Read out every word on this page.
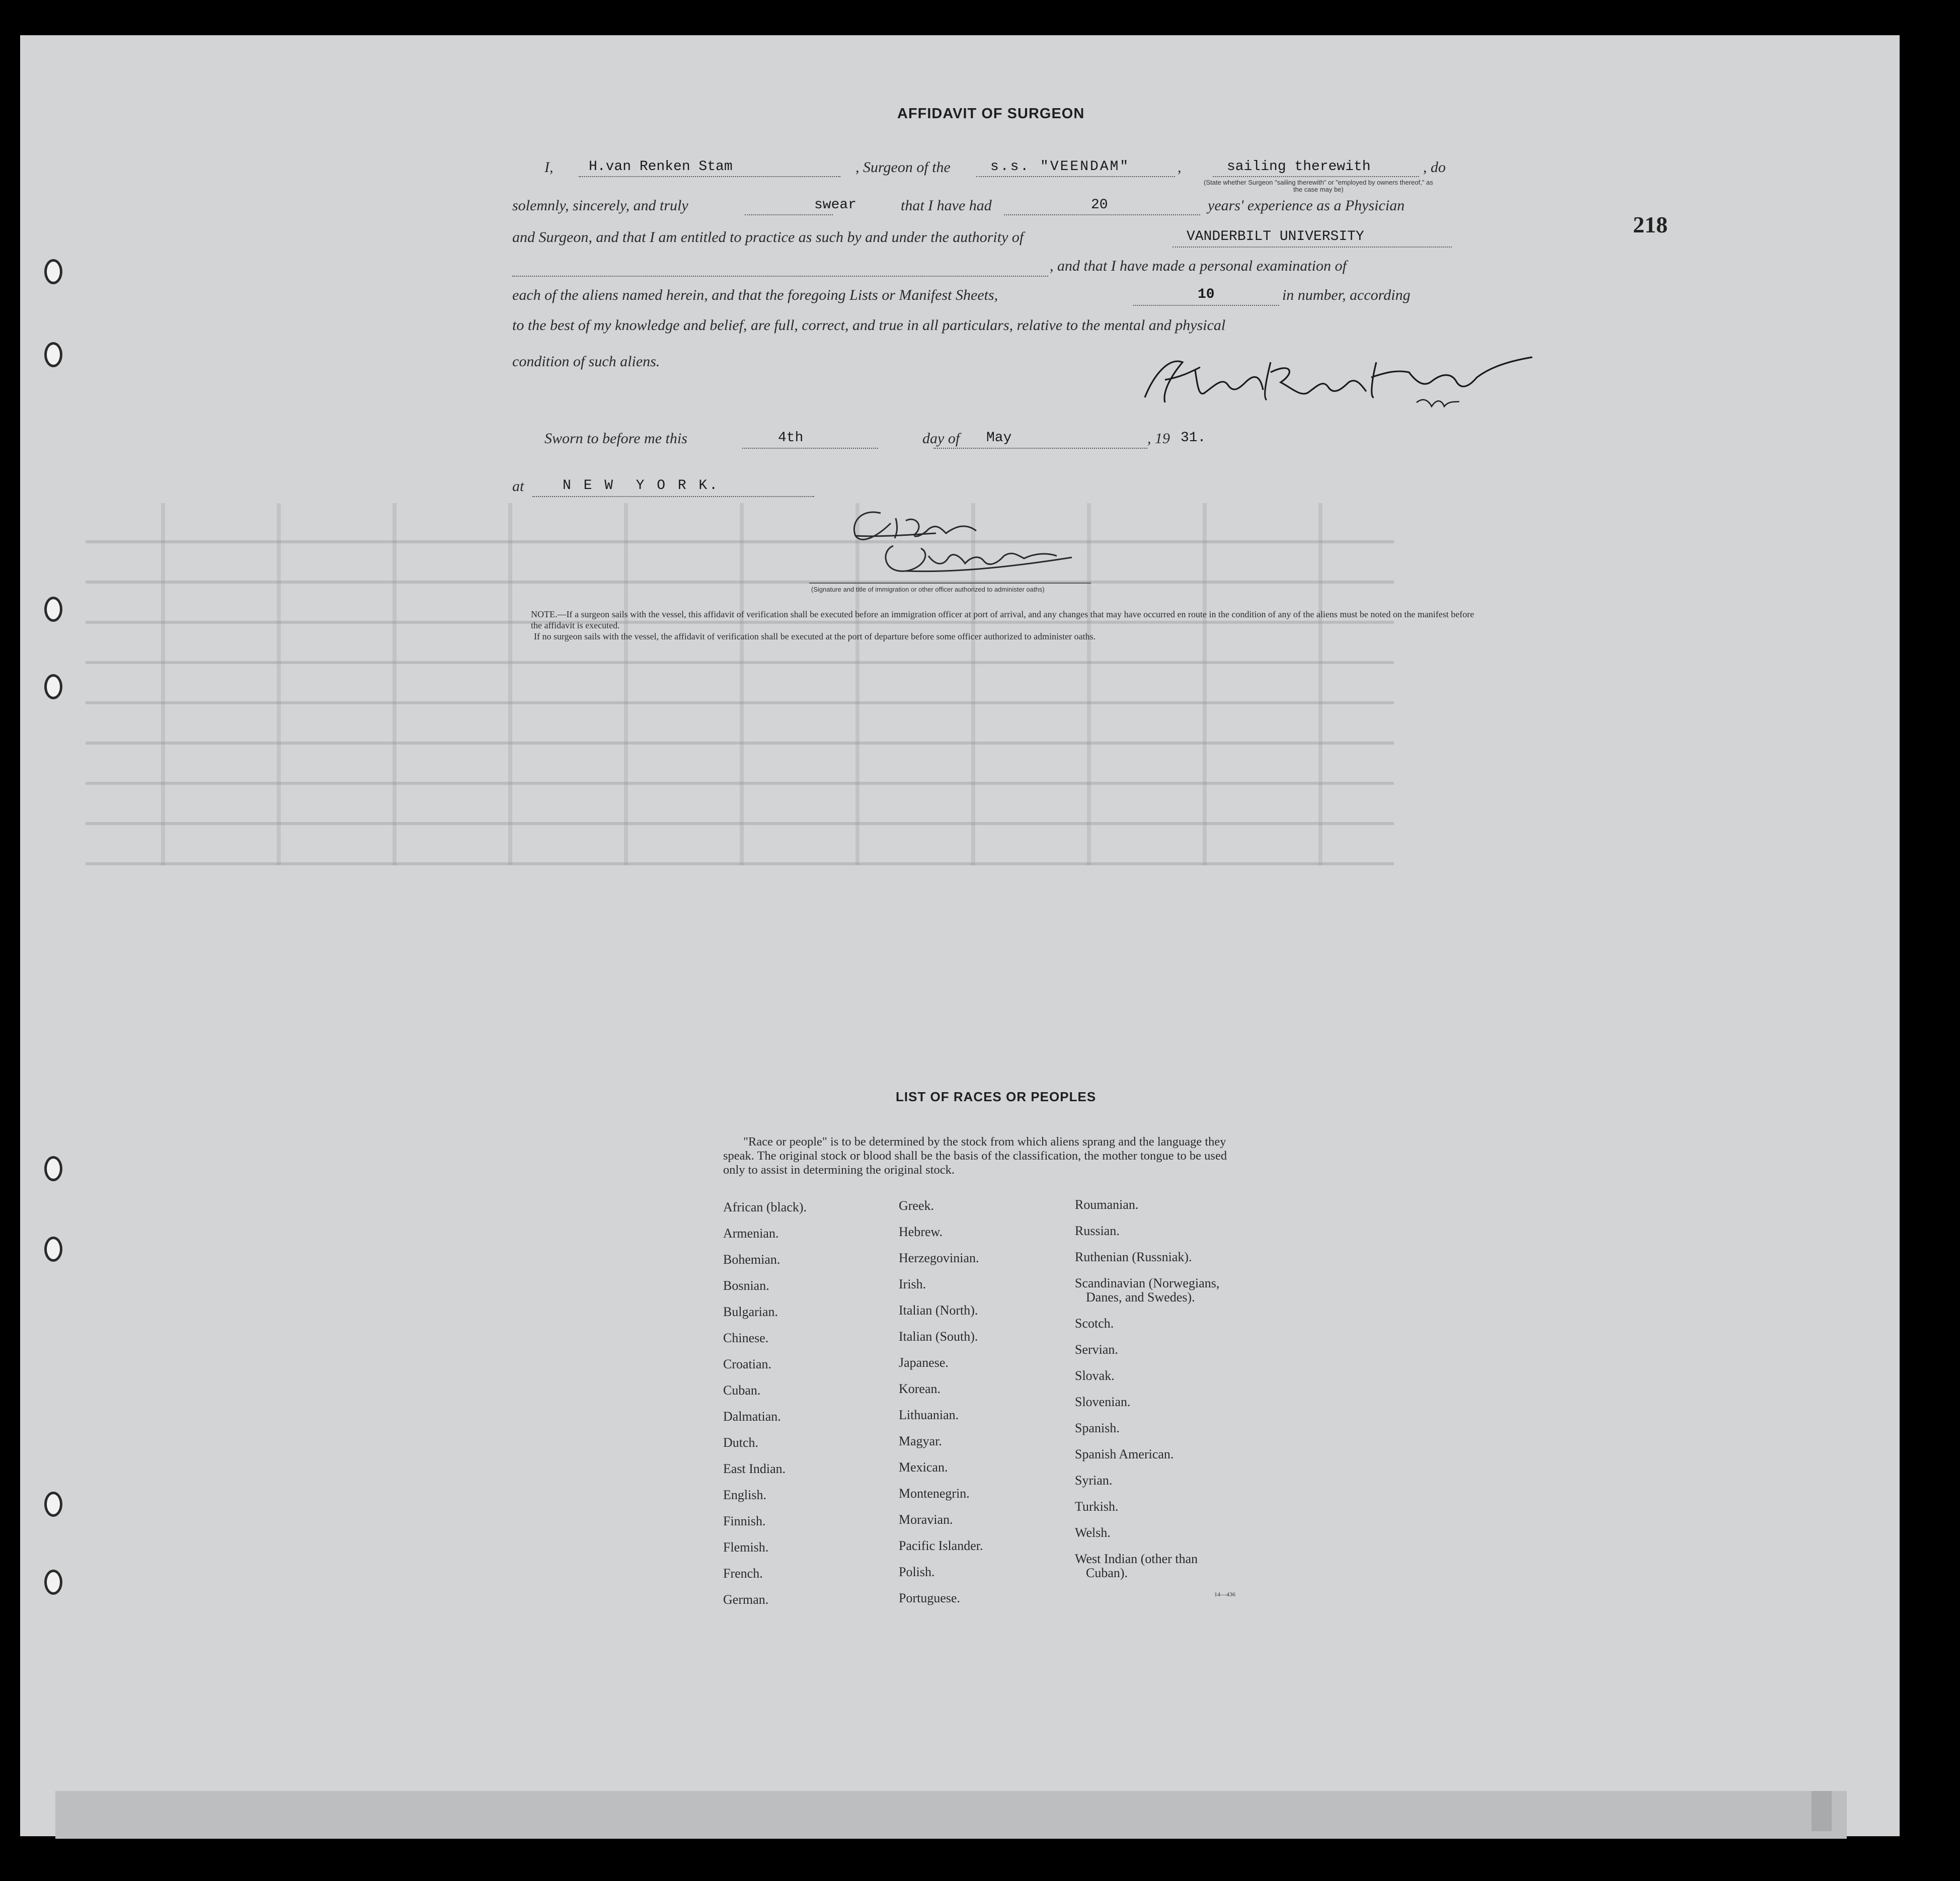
218
AFFIDAVIT OF SURGEON
I,	H.van Renken Stam	, Surgeon of the	s.s. "VEENDAM"	,	sailing therewith	, do
(State whether Surgeon "sailing therewith" or "employed by owners thereof," as the case may be)
solemnly, sincerely, and truly	swear	that I have had	20	years' experience as a Physician
and Surgeon, and that I am entitled to practice as such by and under the authority of	VANDERBILT UNIVERSITY
, and that I have made a personal examination of
each of the aliens named herein, and that the foregoing Lists or Manifest Sheets,	10	in number, according
to the best of my knowledge and belief, are full, correct, and true in all particulars, relative to the mental and physical
condition of such aliens.
Sworn to before me this	4th	day of May	, 19 31.
at	N E W  Y O R K.
(Signature and title of immigration or other officer authorized to administer oaths)

NOTE.—If a surgeon sails with the vessel, this affidavit of verification shall be executed before an immigration officer at port of arrival, and any changes that may have occurred en route in the condition of any of the aliens must be noted on the manifest before the affidavit is executed.

If no surgeon sails with the vessel, the affidavit of verification shall be executed at the port of departure before some officer authorized to administer oaths.

LIST OF RACES OR PEOPLES
"Race or people" is to be determined by the stock from which aliens sprang and the language they speak. The original stock or blood shall be the basis of the classification, the mother tongue to be used only to assist in determining the original stock.
African (black).
Armenian.
Bohemian.
Bosnian.
Bulgarian.
Chinese.
Croatian.
Cuban.
Dalmatian.
Dutch.
East Indian.
English.
Finnish.
Flemish.
French.
German.
Greek.
Hebrew.
Herzegovinian.
Irish.
Italian (North).
Italian (South).
Japanese.
Korean.
Lithuanian.
Magyar.
Mexican.
Montenegrin.
Moravian.
Pacific Islander.
Polish.
Portuguese.
Roumanian.
Russian.
Ruthenian (Russniak).
Scandinavian (Norwegians,
Danes, and Swedes).
Scotch.
Servian.
Slovak.
Slovenian.
Spanish.
Spanish American.
Syrian.
Turkish.
Welsh.
West Indian (other than
Cuban).
14—436
